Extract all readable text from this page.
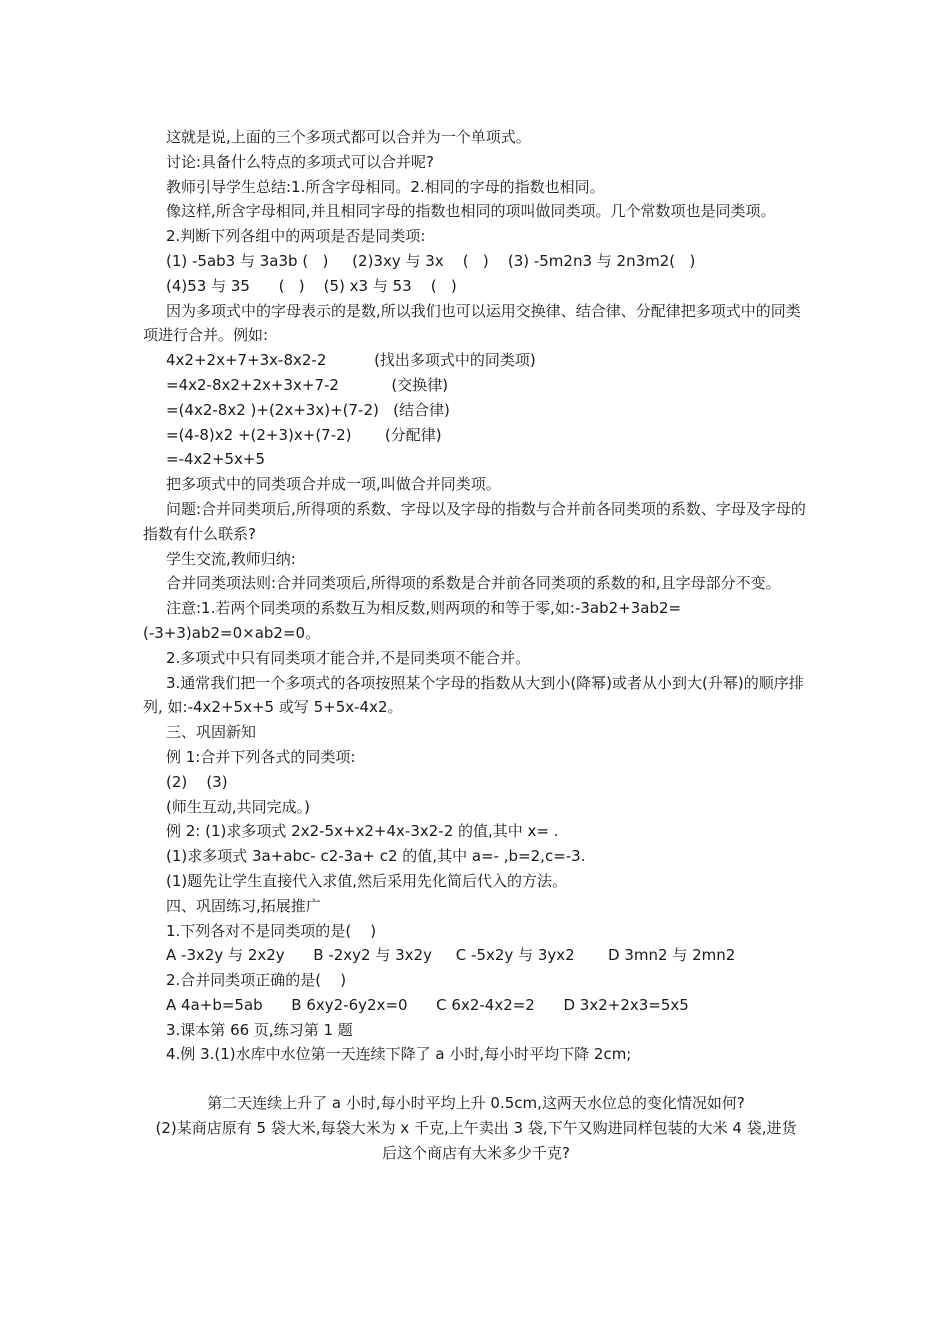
这就是说,上面的三个多项式都可以合并为一个单项式。
讨论:具备什么特点的多项式可以合并呢?
教师引导学生总结:1.所含字母相同。2.相同的字母的指数也相同。
像这样,所含字母相同,并且相同字母的指数也相同的项叫做同类项。几个常数项也是同类项。
2.判断下列各组中的两项是否是同类项:
(1) -5ab3 与 3a3b (   )     (2)3xy 与 3x    (   )    (3) -5m2n3 与 2n3m2(   )
(4)53 与 35      (   )    (5) x3 与 53    (   )
因为多项式中的字母表示的是数,所以我们也可以运用交换律、结合律、分配律把多项式中的同类项进行合并。例如:
4x2+2x+7+3x-8x2-2          (找出多项式中的同类项)
=4x2-8x2+2x+3x+7-2           (交换律)
=(4x2-8x2 )+(2x+3x)+(7-2)   (结合律)
=(4-8)x2 +(2+3)x+(7-2)       (分配律)
=-4x2+5x+5
把多项式中的同类项合并成一项,叫做合并同类项。
问题:合并同类项后,所得项的系数、字母以及字母的指数与合并前各同类项的系数、字母及字母的指数有什么联系?
学生交流,教师归纳:
合并同类项法则:合并同类项后,所得项的系数是合并前各同类项的系数的和,且字母部分不变。
注意:1.若两个同类项的系数互为相反数,则两项的和等于零,如:-3ab2+3ab2=(-3+3)ab2=0×ab2=0。
2.多项式中只有同类项才能合并,不是同类项不能合并。
3.通常我们把一个多项式的各项按照某个字母的指数从大到小(降幂)或者从小到大(升幂)的顺序排列, 如:-4x2+5x+5 或写 5+5x-4x2。
三、巩固新知
例 1:合并下列各式的同类项:
(2)    (3)
(师生互动,共同完成。)
例 2: (1)求多项式 2x2-5x+x2+4x-3x2-2 的值,其中 x= .
(1)求多项式 3a+abc- c2-3a+ c2 的值,其中 a=- ,b=2,c=-3.
(1)题先让学生直接代入求值,然后采用先化简后代入的方法。
四、巩固练习,拓展推广
1.下列各对不是同类项的是(    )
A -3x2y 与 2x2y      B -2xy2 与 3x2y     C -5x2y 与 3yx2       D 3mn2 与 2mn2
2.合并同类项正确的是(    )
A 4a+b=5ab      B 6xy2-6y2x=0      C 6x2-4x2=2      D 3x2+2x3=5x5
3.课本第 66 页,练习第 1 题
4.例 3.(1)水库中水位第一天连续下降了 a 小时,每小时平均下降 2cm;
第二天连续上升了 a 小时,每小时平均上升 0.5cm,这两天水位总的变化情况如何?
(2)某商店原有 5 袋大米,每袋大米为 x 千克,上午卖出 3 袋,下午又购进同样包装的大米 4 袋,进货后这个商店有大米多少千克?
